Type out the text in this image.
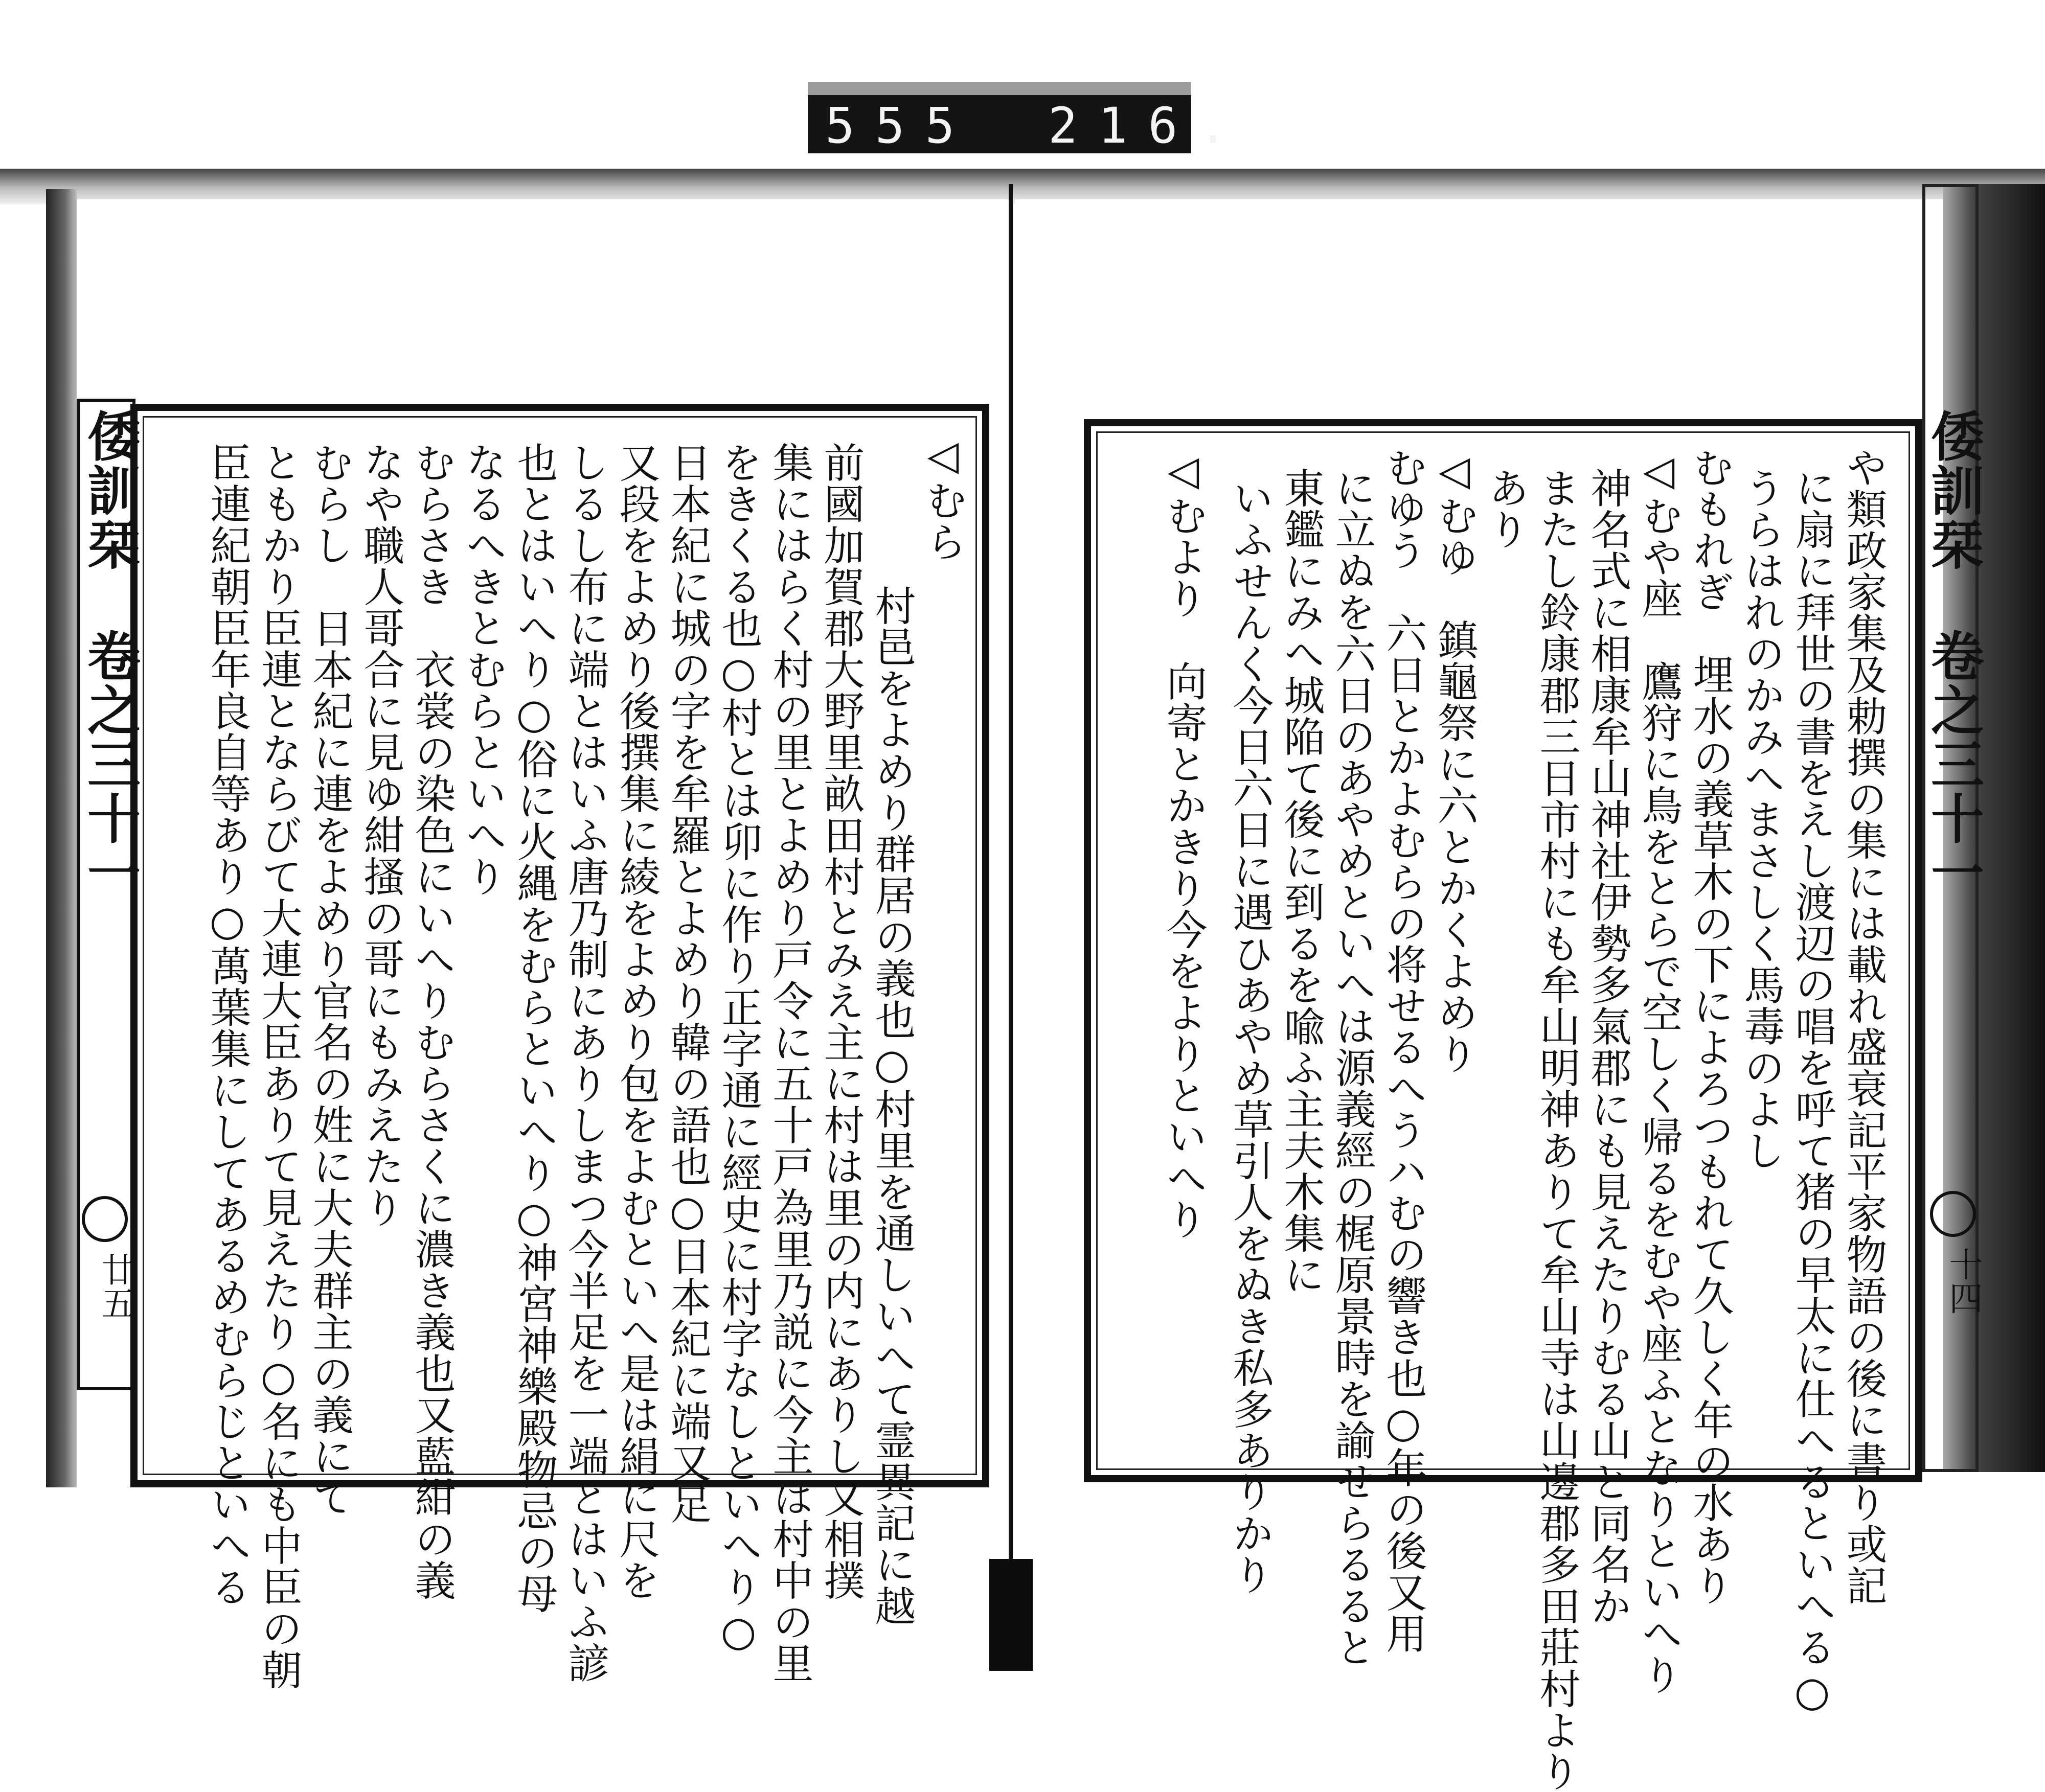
555 216.
倭訓栞
卷之三十一
廿五
◁むら
村邑をよめり群居の義也○村里を通しいへて霊異記に越
前國加賀郡大野里畝田村とみえ主に村は里の内にありし又相撲
集にはらく村の里とよめり戸令に五十戸為里乃説に今主は村中の里
をきくる也○村とは卯に作り正字通に經史に村字なしといへり○
日本紀に城の字を牟羅とよめり韓の語也○日本紀に端又足
又段をよめり後撰集に綾をよめり包をよむといへ是は絹に尺を
しるし布に端とはいふ唐乃制にありしまつ今半足を一端とはいふ諺
也とはいへり○俗に火縄をむらといへり○神宮神樂殿物忌の母
なるへきとむらといへり
むらさき　衣裳の染色にいへりむらさくに濃き義也又藍紺の義
なや職人哥合に見ゆ紺搔の哥にもみえたり
むらし　日本紀に連をよめり官名の姓に大夫群主の義にて
ともかり臣連とならびて大連大臣ありて見えたり○名にも中臣の朝
臣連紀朝臣年良自等あり○萬葉集にしてあるめむらじといへる	や類政家集及勅撰の集には載れ盛衰記平家物語の後に書り或記
に扇に拜世の書をえし渡辺の唱を呼て猪の早太に仕へるといへる○
うらはれのかみへまさしく馬毒のよし
むもれぎ　埋水の義草木の下によろつもれて久しく年の水あり
◁むや座　鷹狩に鳥をとらで空しく帰るをむや座ふとなりといへり
神名式に相康牟山神社伊勢多氣郡にも見えたりむる山と同名か
またし鈴康郡三日市村にも牟山明神ありて牟山寺は山邊郡多田莊村より
あり
◁むゆ　鎮龜祭に六とかくよめり
むゆう　六日とかよむらの将せるへうハむの響き也○年の後又用
に立ぬを六日のあやめといへは源義經の梶原景時を諭せらるると
東鑑にみへ城陥て後に到るを喩ふ主夫木集に
いふせんく今日六日に遇ひあやめ草引人をぬき私多ありかり
◁むより　向寄とかきり今をよりといへり	倭訓栞
卷之三十一
十四
